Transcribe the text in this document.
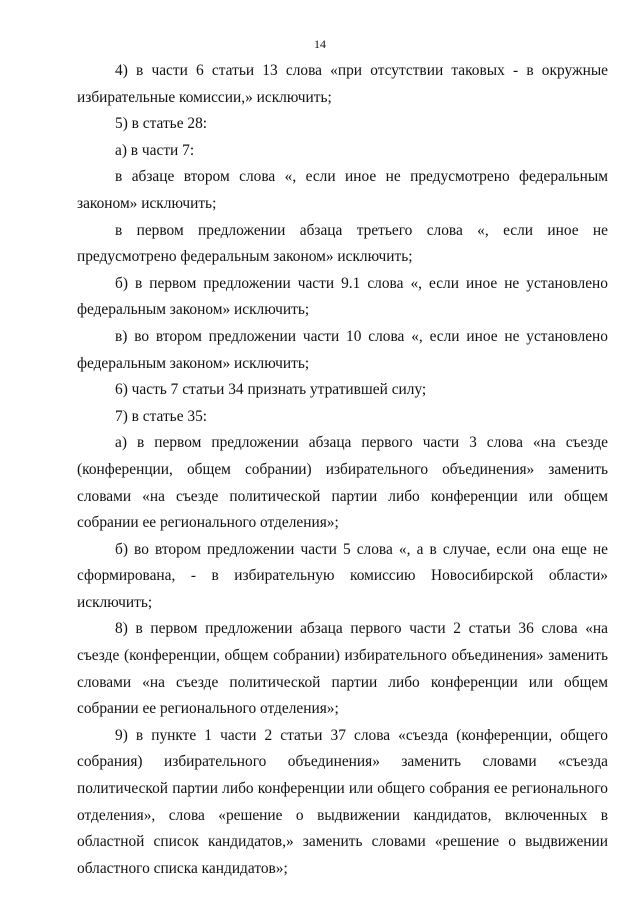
14

4) в части 6 статьи 13 слова «при отсутствии таковых - в окружные избирательные комиссии,» исключить;

5) в статье 28:

а) в части 7:

в абзаце втором слова «, если иное не предусмотрено федеральным законом» исключить;

в первом предложении абзаца третьего слова «, если иное не предусмотрено федеральным законом» исключить;

б) в первом предложении части 9.1 слова «, если иное не установлено федеральным законом» исключить;

в) во втором предложении части 10 слова «, если иное не установлено федеральным законом» исключить;

6) часть 7 статьи 34 признать утратившей силу;

7) в статье 35:

а) в первом предложении абзаца первого части 3 слова «на съезде (конференции, общем собрании) избирательного объединения» заменить словами «на съезде политической партии либо конференции или общем собрании ее регионального отделения»;

б) во втором предложении части 5 слова «, а в случае, если она еще не сформирована, - в избирательную комиссию Новосибирской области» исключить;

8) в первом предложении абзаца первого части 2 статьи 36 слова «на съезде (конференции, общем собрании) избирательного объединения» заменить словами «на съезде политической партии либо конференции или общем собрании ее регионального отделения»;

9) в пункте 1 части 2 статьи 37 слова «съезда (конференции, общего собрания) избирательного объединения» заменить словами «съезда политической партии либо конференции или общего собрания ее регионального отделения», слова «решение о выдвижении кандидатов, включенных в областной список кандидатов,» заменить словами «решение о выдвижении областного списка кандидатов»;
